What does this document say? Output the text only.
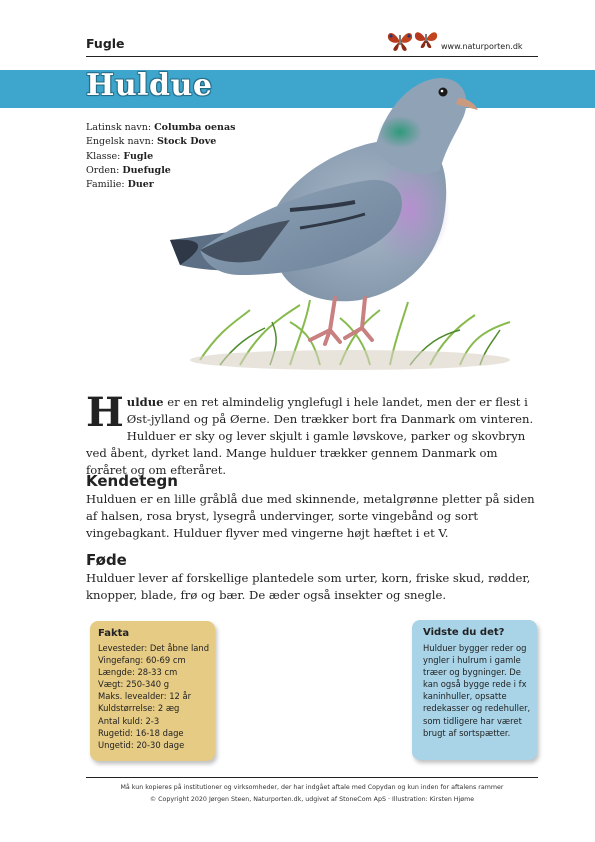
Fugle	www.naturporten.dk
Huldue
Latinsk navn: Columba oenas
Engelsk navn: Stock Dove
Klasse: Fugle
Orden: Duefugle
Familie: Duer
Huldue er en ret almindelig ynglefugl i hele landet, men der er flest i Øst-jylland og på Øerne. Den trækker bort fra Danmark om vinteren. Hulduer er sky og lever skjult i gamle løvskove, parker og skovbryn ved åbent, dyrket land. Mange hulduer trækker gennem Danmark om foråret og om efteråret.
Kendetegn
Hulduen er en lille gråblå due med skinnende, metalgrønne pletter på siden af halsen, rosa bryst, lysegrå undervinger, sorte vingebånd og sort vingebagkant. Hulduer flyver med vingerne højt hæftet i et V.
Føde
Hulduer lever af forskellige plantedele som urter, korn, friske skud, rødder, knopper, blade, frø og bær. De æder også insekter og snegle.
Fakta
Levesteder: Det åbne land
Vingefang: 60-69 cm
Længde: 28-33 cm
Vægt: 250-340 g
Maks. levealder: 12 år
Kuldstørrelse: 2 æg
Antal kuld: 2-3
Rugetid: 16-18 dage
Ungetid: 20-30 dage
Vidste du det?
Hulduer bygger reder og yngler i hulrum i gamle træer og bygninger. De kan også bygge rede i fx kaninhuller, opsatte redekasser og redehuller, som tidligere har været brugt af sortspætter.
Må kun kopieres på institutioner og virksomheder, der har indgået aftale med Copydan og kun inden for aftalens rammer
© Copyright 2020 Jørgen Steen, Naturporten.dk, udgivet af StoneCom ApS · Illustration: Kirsten Hjøme
